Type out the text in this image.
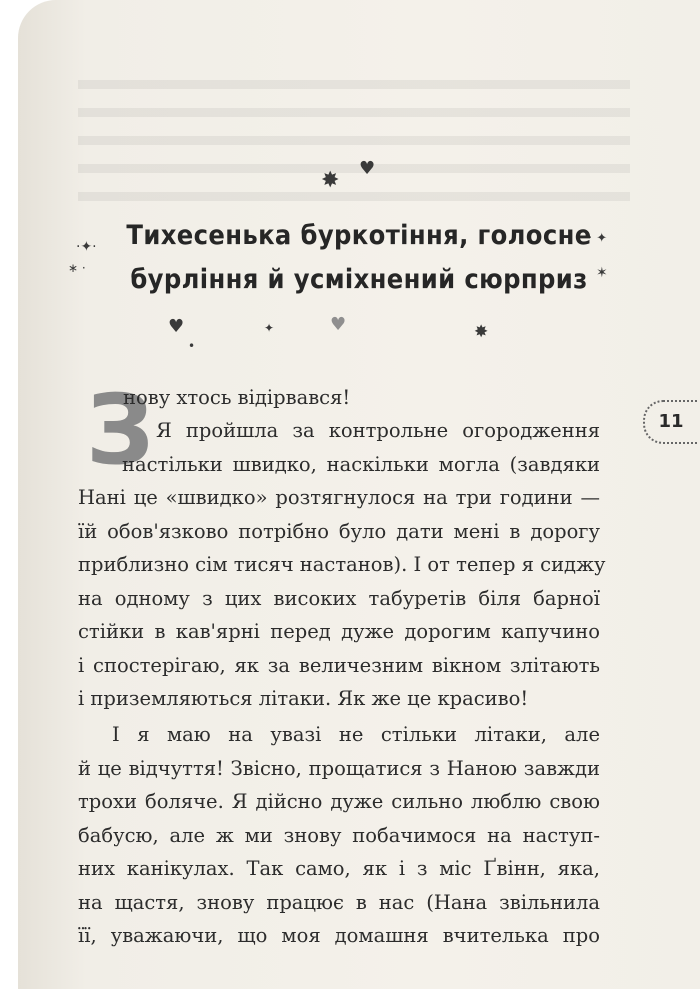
✸ ♥
·✦·
∗ ·
· ✦
✶
♥
•
✦	♥	✸
Тихесенька буркотіння, голосне
бурління й усміхнений сюрприз
11
З
нову хтось відірвався!
Я пройшла за контрольне огородження
настільки швидко, наскільки могла (завдяки
Нані це «швидко» розтягнулося на три години —
їй обов'язково потрібно було дати мені в дорогу
приблизно сім тисяч настанов). І от тепер я сиджу
на одному з цих високих табуретів біля барної
стійки в кав'ярні перед дуже дорогим капучино
і спостерігаю, як за величезним вікном злітають
і приземляються літаки. Як же це красиво!
І я маю на увазі не стільки літаки, але
й це відчуття! Звісно, прощатися з Наною завжди
трохи боляче. Я дійсно дуже сильно люблю свою
бабусю, але ж ми знову побачимося на наступ-
них канікулах. Так само, як і з міс Ґвінн, яка,
на щастя, знову працює в нас (Нана звільнила
її, уважаючи, що моя домашня вчителька про
